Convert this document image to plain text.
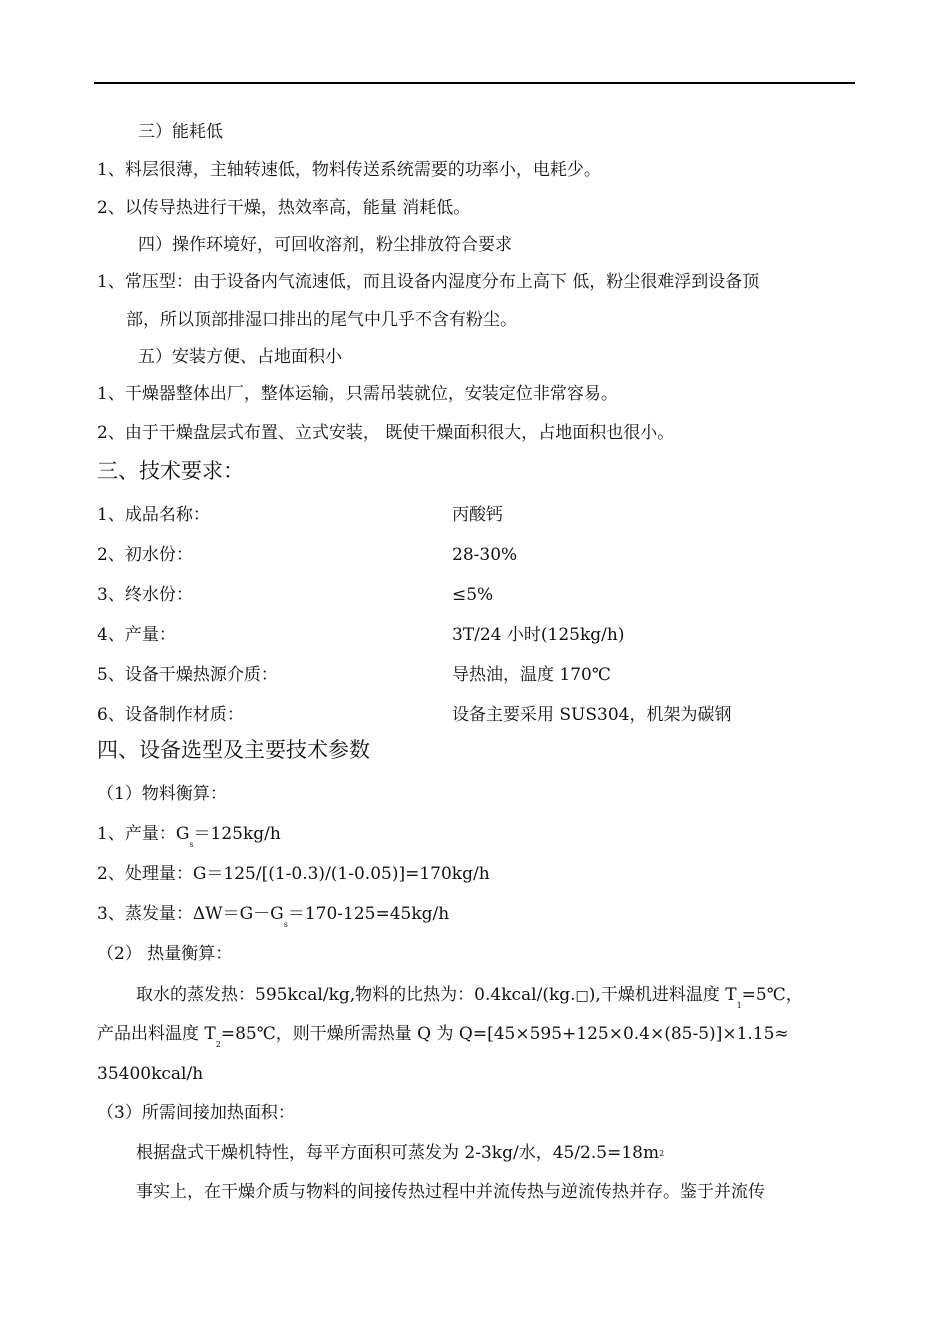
三）能耗低
1、料层很薄，主轴转速低，物料传送系统需要的功率小，电耗少。
2、以传导热进行干燥，热效率高，能量 消耗低。
四）操作环境好，可回收溶剂，粉尘排放符合要求
1、常压型：由于设备内气流速低，而且设备内湿度分布上高下 低，粉尘很难浮到设备顶
部，所以顶部排湿口排出的尾气中几乎不含有粉尘。
五）安装方便、占地面积小
1、干燥器整体出厂，整体运输，只需吊装就位，安装定位非常容易。
2、由于干燥盘层式布置、立式安装， 既使干燥面积很大，占地面积也很小。
三、技术要求：
1、成品名称：	丙酸钙
2、初水份：	28-30%
3、终水份：	≤5%
4、产量：	3T/24 小时(125kg/h)
5、设备干燥热源介质：	导热油，温度 170℃
6、设备制作材质：	设备主要采用 SUS304，机架为碳钢
四、设备选型及主要技术参数
（1）物料衡算：
1、产量：$G_s=125kg/h$
2、处理量：G＝125/[(1-0.3)/(1-0.05)]=170kg/h
3、蒸发量：$\Delta W=G-G_s=170-125=45kg/h$
（2） 热量衡算：
取水的蒸发热：595kcal/kg,物料的比热为：0.4kcal/(kg.□),干燥机进料温度 $T_1=5℃$，
产品出料温度 $T_2=85℃$，则干燥所需热量 Q 为 Q=[45×595+125×0.4×(85-5)]×1.15≈
35400kcal/h
（3）所需间接加热面积：
根据盘式干燥机特性，每平方面积可蒸发为 2-3kg/水，45/2.5=18m2
事实上，在干燥介质与物料的间接传热过程中并流传热与逆流传热并存。鉴于并流传
